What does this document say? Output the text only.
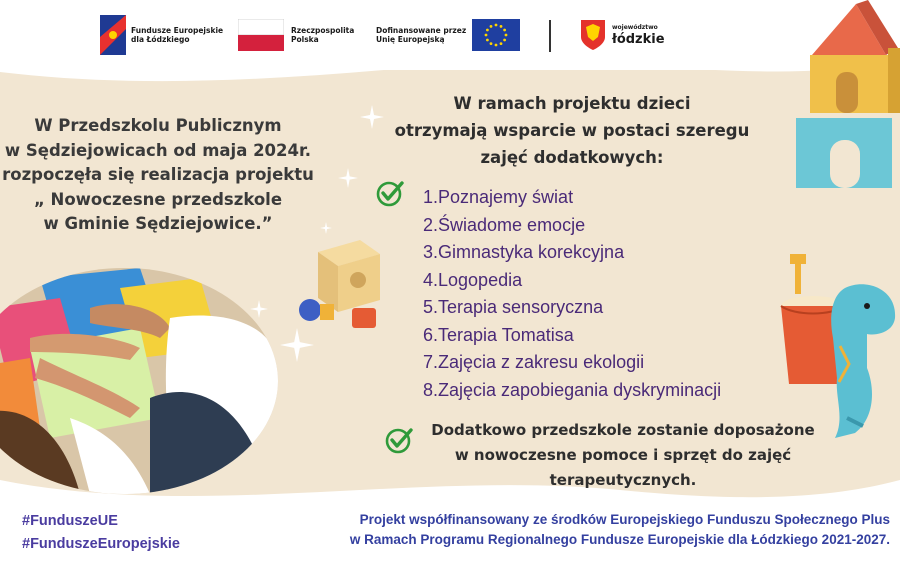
Fundusze Europejskie
dla Łódzkiego
Rzeczpospolita
Polska
Dofinansowane przez
Unię Europejską
województwo
łódzkie
W Przedszkolu Publicznym
w Sędziejowicach od maja 2024r.
rozpoczęła się realizacja projektu
„ Nowoczesne przedszkole
w Gminie Sędziejowice.”
W ramach projektu dzieci
otrzymają wsparcie w postaci szeregu
zajęć dodatkowych:
1.Poznajemy świat
2.Świadome emocje
3.Gimnastyka korekcyjna
4.Logopedia
5.Terapia sensoryczna
6.Terapia Tomatisa
7.Zajęcia z zakresu ekologii
8.Zajęcia zapobiegania dyskryminacji
Dodatkowo przedszkole zostanie doposażone
w nowoczesne pomoce i sprzęt do zajęć
terapeutycznych.
#FunduszeUE
#FunduszeEuropejskie
Projekt współfinansowany ze środków Europejskiego Funduszu Społecznego Plus
w Ramach Programu Regionalnego Fundusze Europejskie dla Łódzkiego 2021-2027.
